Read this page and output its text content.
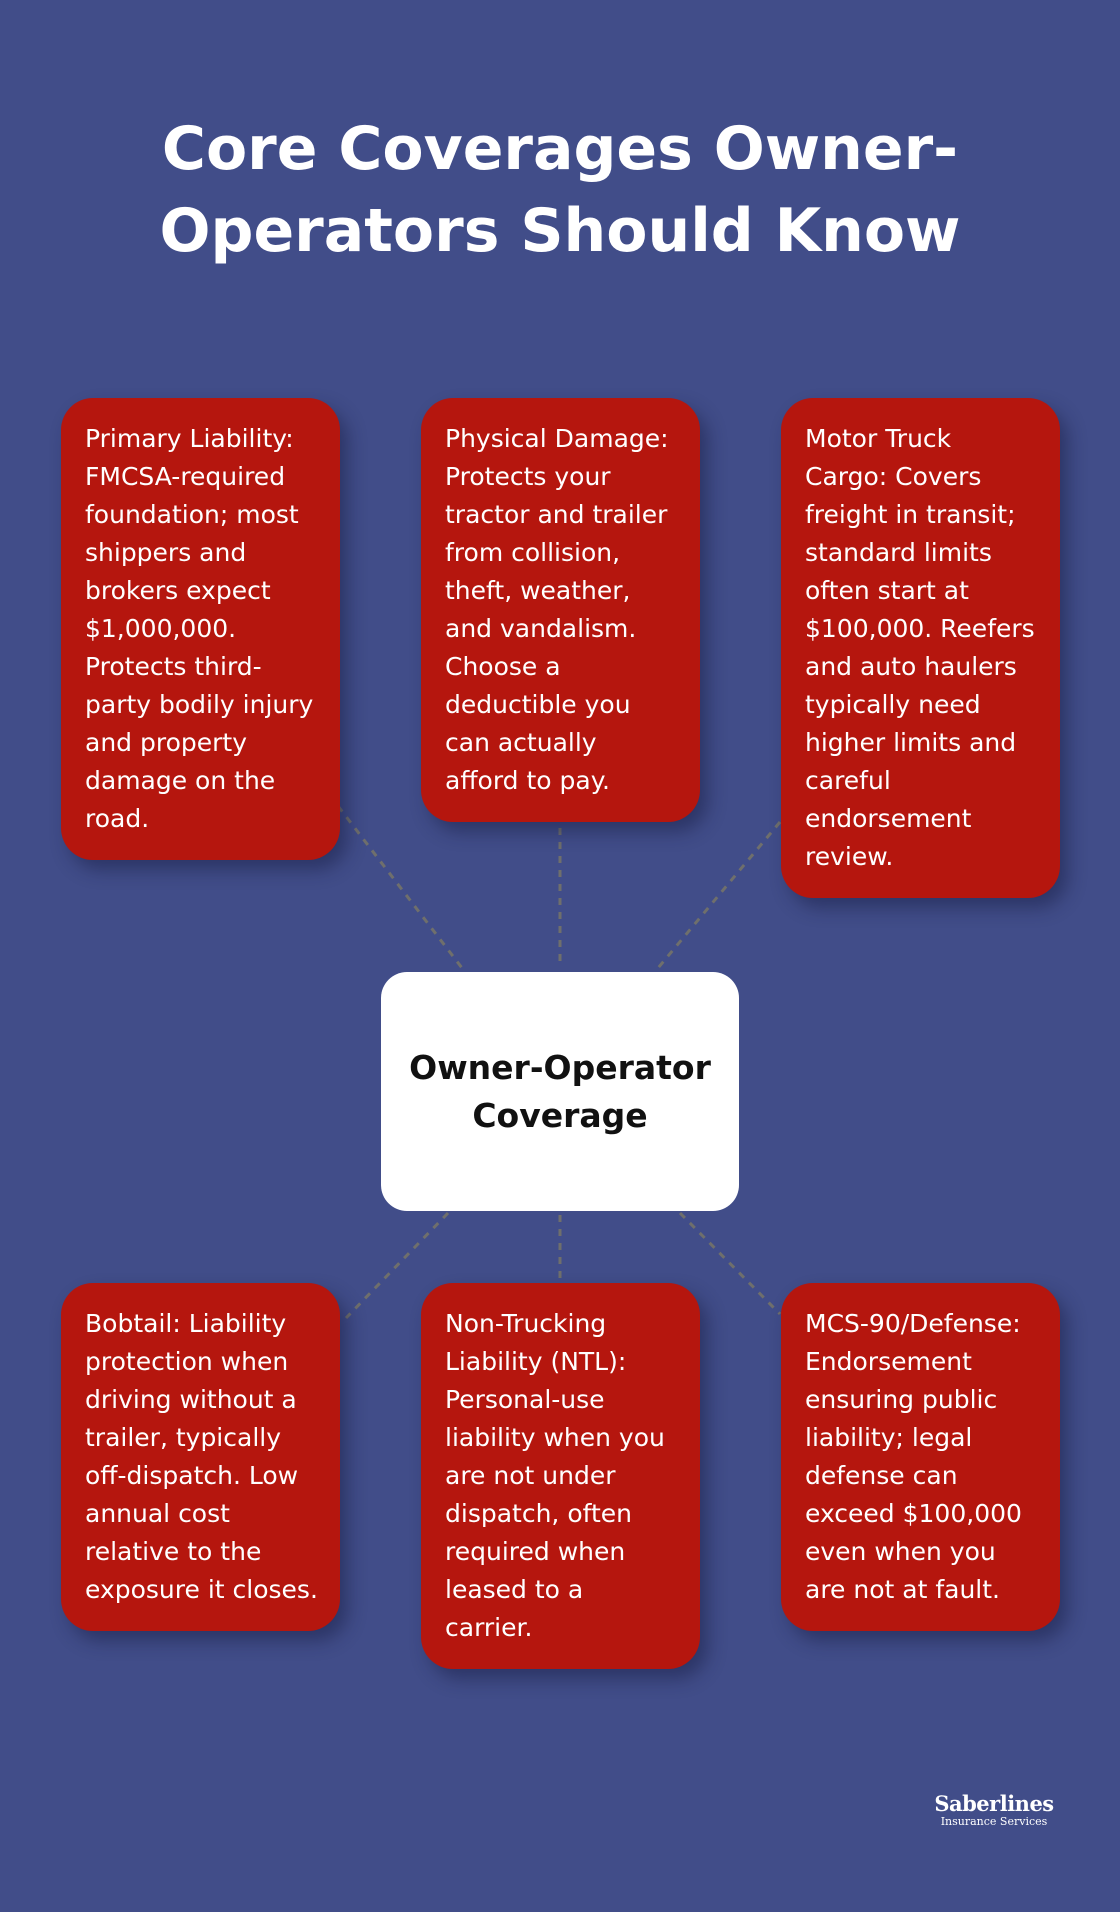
Core Coverages Owner-Operators Should Know
Primary Liability: FMCSA-required foundation; most shippers and brokers expect $1,000,000. Protects third-party bodily injury and property damage on the road.
Physical Damage: Protects your tractor and trailer from collision, theft, weather, and vandalism. Choose a deductible you can actually afford to pay.
Motor Truck Cargo: Covers freight in transit; standard limits often start at $100,000. Reefers and auto haulers typically need higher limits and careful endorsement review.
Owner-Operator Coverage
Bobtail: Liability protection when driving without a trailer, typically off-dispatch. Low annual cost relative to the exposure it closes.
Non-Trucking Liability (NTL): Personal-use liability when you are not under dispatch, often required when leased to a carrier.
MCS-90/Defense: Endorsement ensuring public liability; legal defense can exceed $100,000 even when you are not at fault.
Saberlines
Insurance Services
